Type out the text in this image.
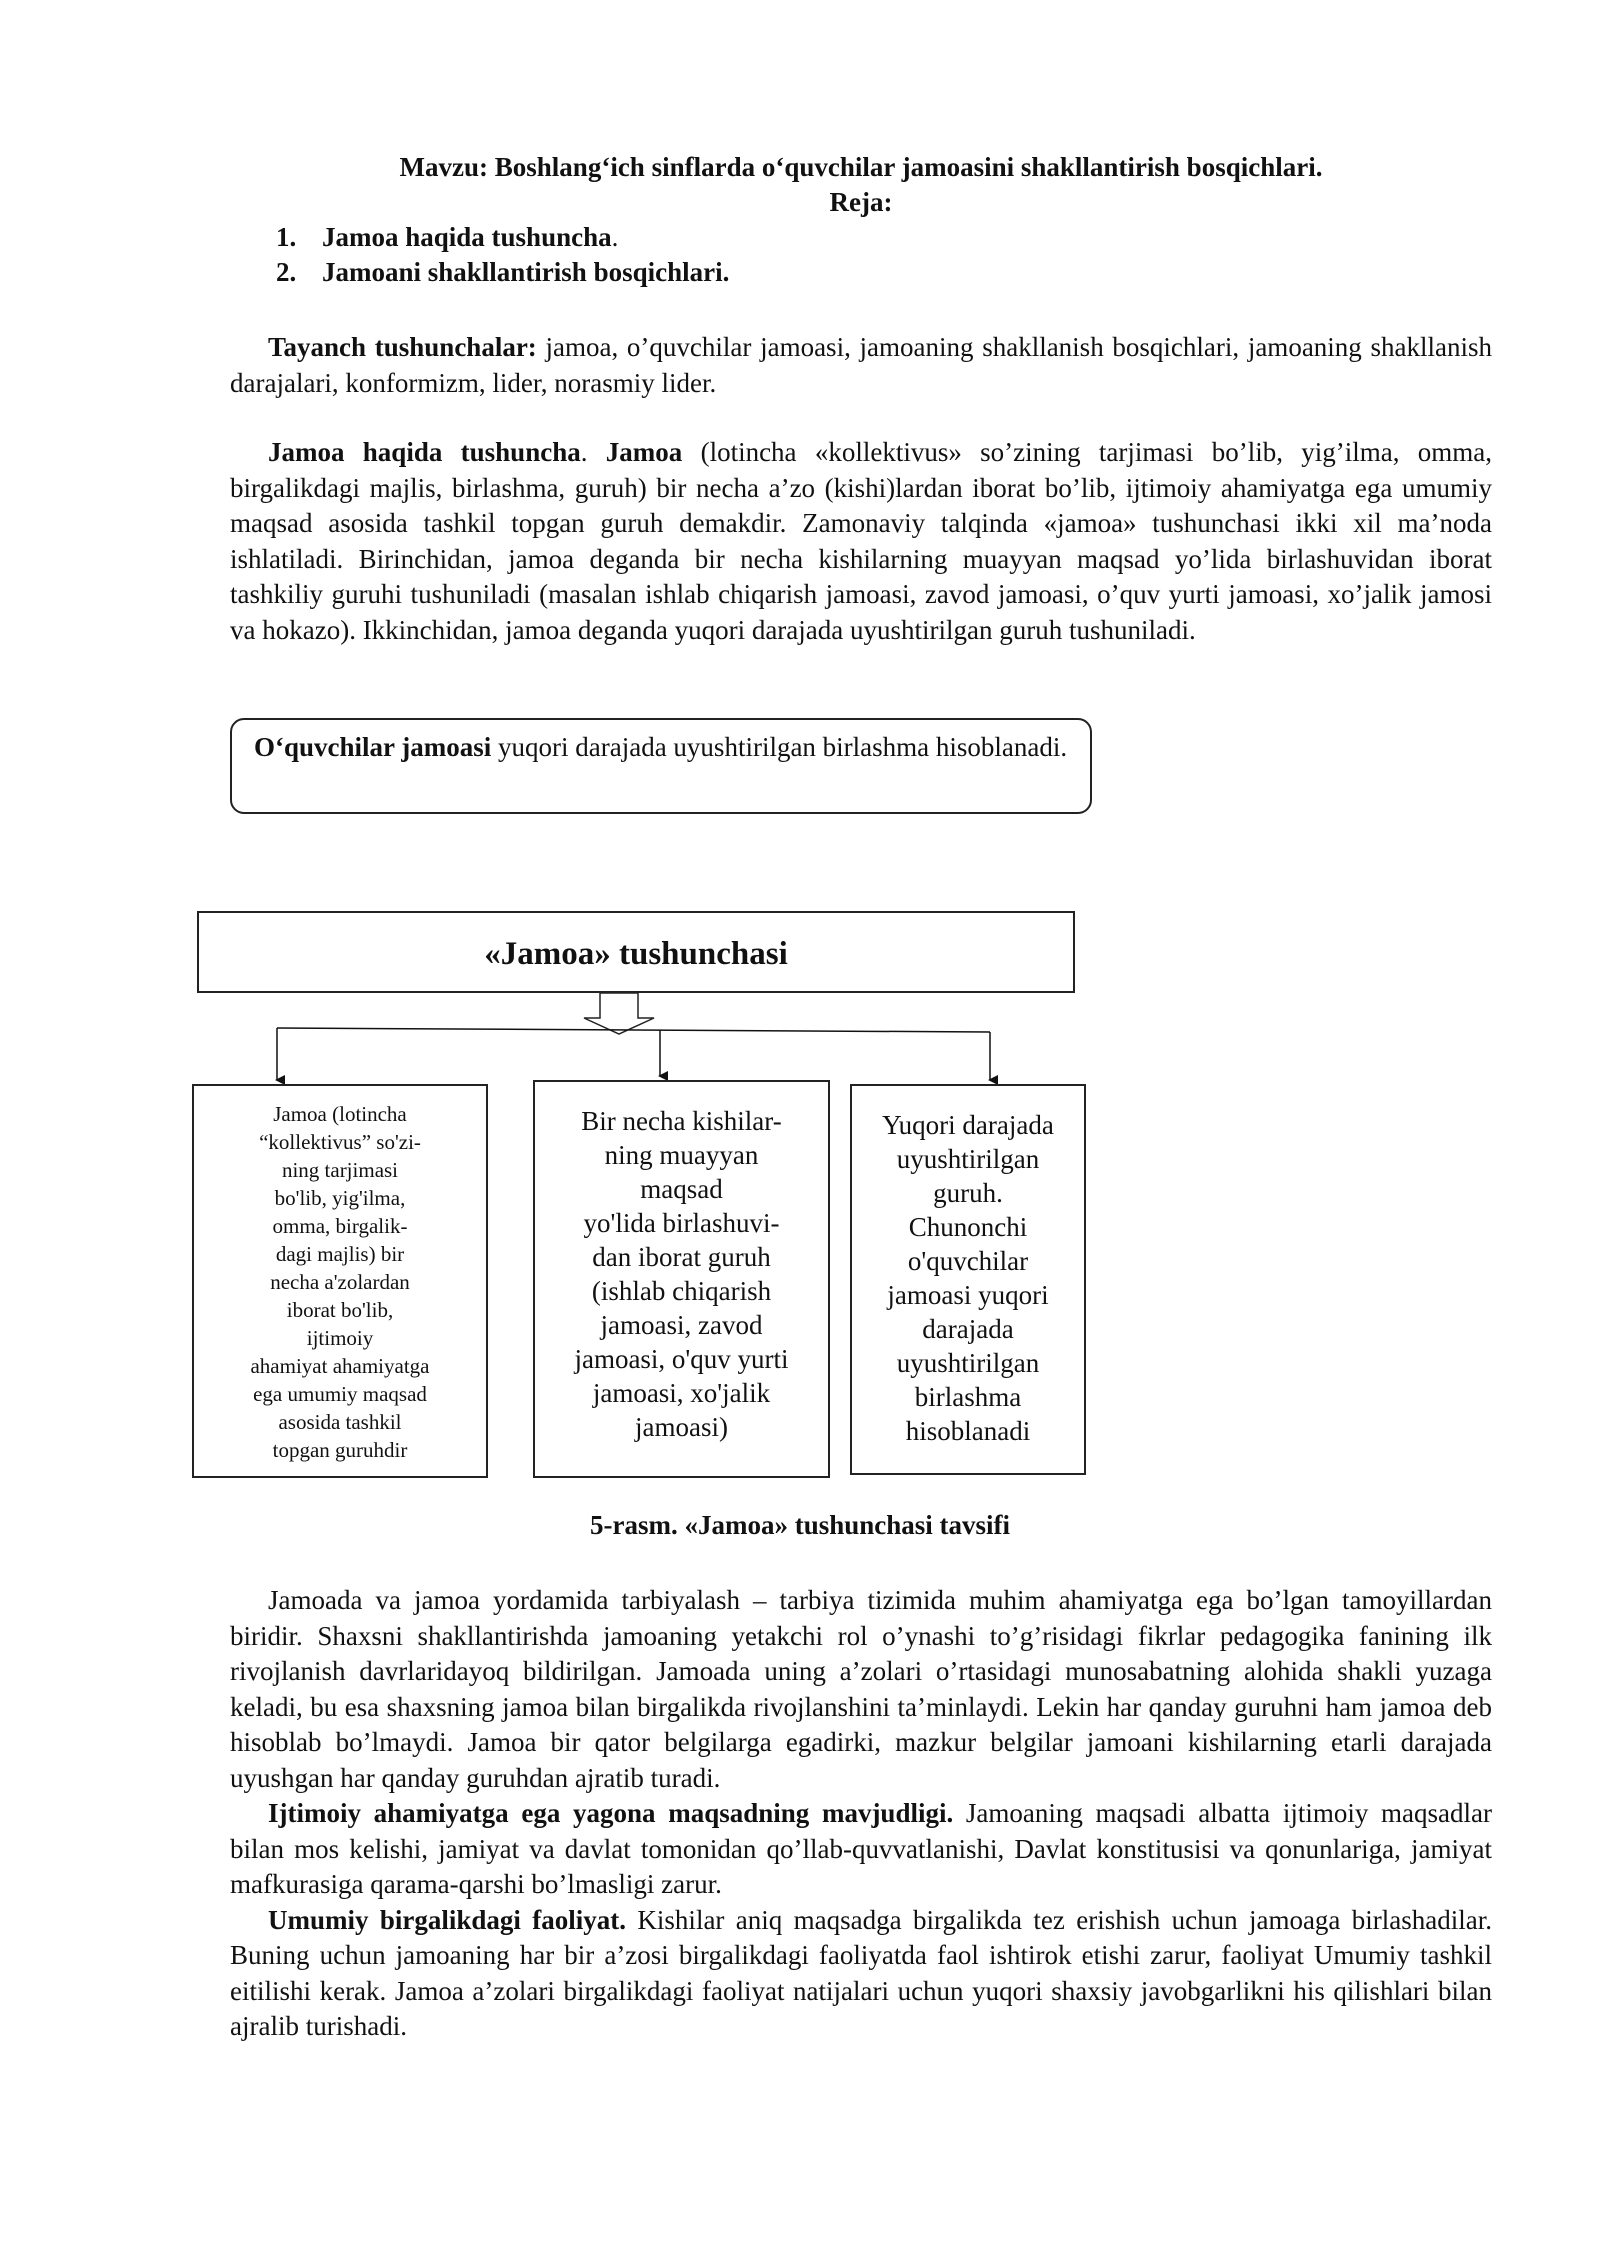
Mavzu: Boshlang‘ich sinflarda o‘quvchilar jamoasini shakllantirish bosqichlari.

Reja:

1. Jamoa haqida tushuncha.
2. Jamoani shakllantirish bosqichlari.

Tayanch tushunchalar: jamoa, o’quvchilar jamoasi, jamoaning shakllanish bosqichlari, jamoaning shakllanish darajalari, konformizm, lider, norasmiy lider.

Jamoa haqida tushuncha. Jamoa (lotincha «kollektivus» so’zining tarjimasi bo’lib, yig’ilma, omma, birgalikdagi majlis, birlashma, guruh) bir necha a’zo (kishi)lardan iborat bo’lib, ijtimoiy ahamiyatga ega umumiy maqsad asosida tashkil topgan guruh demakdir. Zamonaviy talqinda «jamoa» tushunchasi ikki xil ma’noda ishlatiladi. Birinchidan, jamoa deganda bir necha kishilarning muayyan maqsad yo’lida birlashuvidan iborat tashkiliy guruhi tushuniladi (masalan ishlab chiqarish jamoasi, zavod jamoasi, o’quv yurti jamoasi, xo’jalik jamosi va hokazo). Ikkinchidan, jamoa deganda yuqori darajada uyushtirilgan guruh tushuniladi.

O‘quvchilar jamoasi yuqori darajada uyushtirilgan birlashma hisoblanadi.
«Jamoa» tushunchasi
Jamoa (lotincha
“kollektivus” so'zi-
ning tarjimasi
bo'lib, yig'ilma,
omma, birgalik-
dagi majlis) bir
necha a'zolardan
iborat bo'lib,
ijtimoiy
ahamiyat ahamiyatga
ega umumiy maqsad
asosida tashkil
topgan guruhdir
Bir necha kishilar-
ning muayyan
maqsad
yo'lida birlashuvi-
dan iborat guruh
(ishlab chiqarish
jamoasi, zavod
jamoasi, o'quv yurti
jamoasi, xo'jalik
jamoasi)
Yuqori darajada
uyushtirilgan
guruh.
Chunonchi
o'quvchilar
jamoasi yuqori
darajada
uyushtirilgan
birlashma
hisoblanadi
5-rasm. «Jamoa» tushunchasi tavsifi

Jamoada va jamoa yordamida tarbiyalash – tarbiya tizimida muhim ahamiyatga ega bo’lgan tamoyillardan biridir. Shaxsni shakllantirishda jamoaning yetakchi rol o’ynashi to’g’risidagi fikrlar pedagogika fanining ilk rivojlanish davrlaridayoq bildirilgan. Jamoada uning a’zolari o’rtasidagi munosabatning alohida shakli yuzaga keladi, bu esa shaxsning jamoa bilan birgalikda rivojlanshini ta’minlaydi. Lekin har qanday guruhni ham jamoa deb hisoblab bo’lmaydi. Jamoa bir qator belgilarga egadirki, mazkur belgilar jamoani kishilarning etarli darajada uyushgan har qanday guruhdan ajratib turadi.

Ijtimoiy ahamiyatga ega yagona maqsadning mavjudligi. Jamoaning maqsadi albatta ijtimoiy maqsadlar bilan mos kelishi, jamiyat va davlat tomonidan qo’llab-quvvatlanishi, Davlat konstitusisi va qonunlariga, jamiyat mafkurasiga qarama-qarshi bo’lmasligi zarur.

Umumiy birgalikdagi faoliyat. Kishilar aniq maqsadga birgalikda tez erishish uchun jamoaga birlashadilar. Buning uchun jamoaning har bir a’zosi birgalikdagi faoliyatda faol ishtirok etishi zarur, faoliyat Umumiy tashkil eitilishi kerak. Jamoa a’zolari birgalikdagi faoliyat natijalari uchun yuqori shaxsiy javobgarlikni his qilishlari bilan ajralib turishadi.
